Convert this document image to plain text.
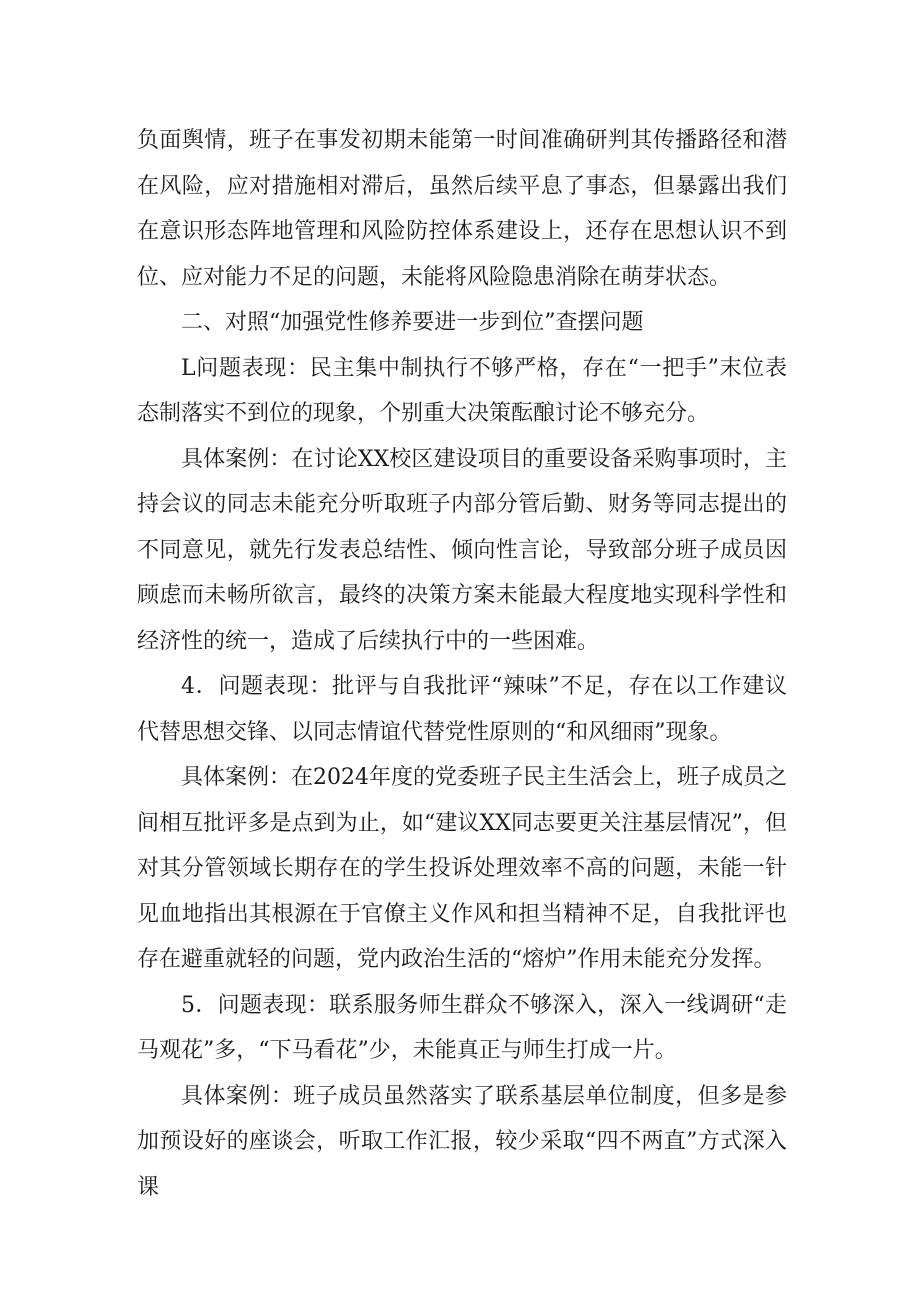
负面舆情，班子在事发初期未能第一时间准确研判其传播路径和潜在风险，应对措施相对滞后，虽然后续平息了事态，但暴露出我们在意识形态阵地管理和风险防控体系建设上，还存在思想认识不到位、应对能力不足的问题，未能将风险隐患消除在萌芽状态。

二、对照“加强党性修养要进一步到位”查摆问题

L问题表现：民主集中制执行不够严格，存在“一把手”末位表态制落实不到位的现象，个别重大决策酝酿讨论不够充分。

具体案例：在讨论XX校区建设项目的重要设备采购事项时，主持会议的同志未能充分听取班子内部分管后勤、财务等同志提出的不同意见，就先行发表总结性、倾向性言论，导致部分班子成员因顾虑而未畅所欲言，最终的决策方案未能最大程度地实现科学性和经济性的统一，造成了后续执行中的一些困难。

4．问题表现：批评与自我批评“辣味”不足，存在以工作建议代替思想交锋、以同志情谊代替党性原则的“和风细雨”现象。

具体案例：在2024年度的党委班子民主生活会上，班子成员之间相互批评多是点到为止，如“建议XX同志要更关注基层情况”，但对其分管领域长期存在的学生投诉处理效率不高的问题，未能一针见血地指出其根源在于官僚主义作风和担当精神不足，自我批评也存在避重就轻的问题，党内政治生活的“熔炉”作用未能充分发挥。

5．问题表现：联系服务师生群众不够深入，深入一线调研“走马观花”多，“下马看花”少，未能真正与师生打成一片。

具体案例：班子成员虽然落实了联系基层单位制度，但多是参加预设好的座谈会，听取工作汇报，较少采取“四不两直”方式深入课
